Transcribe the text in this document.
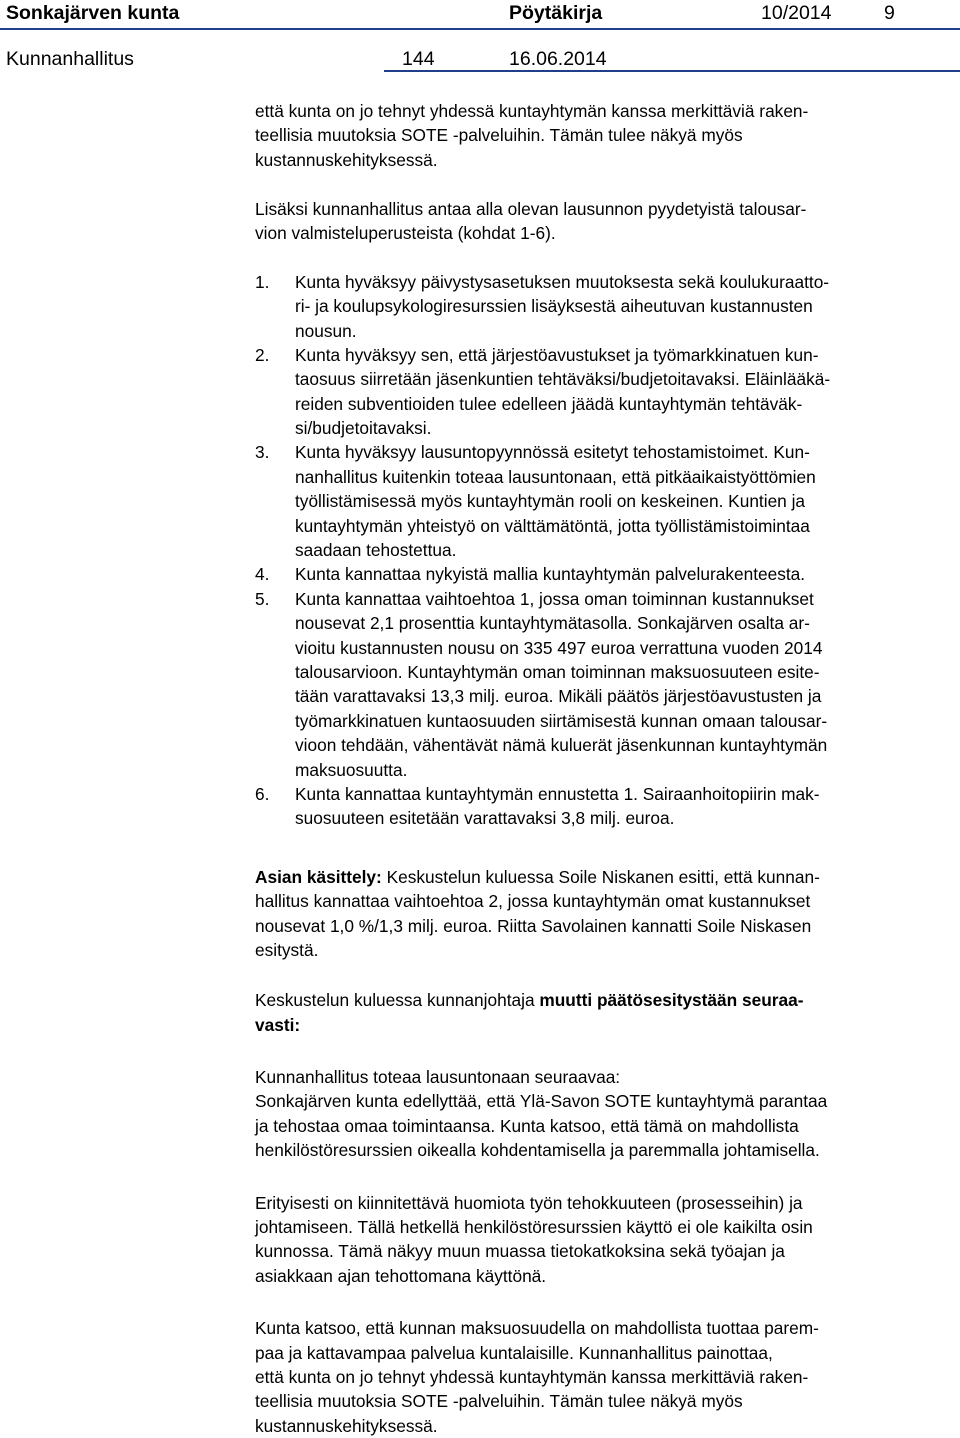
Sonkajärven kunta	Pöytäkirja	10/2014	9
Kunnanhallitus	144	16.06.2014
että kunta on jo tehnyt yhdessä kuntayhtymän kanssa merkittäviä raken-
teellisia muutoksia SOTE -palveluihin. Tämän tulee näkyä myös
kustannuskehityksessä.
Lisäksi kunnanhallitus antaa alla olevan lausunnon pyydetyistä talousar-
vion valmisteluperusteista (kohdat 1-6).
1.	Kunta hyväksyy päivystysasetuksen muutoksesta sekä koulukuraatto-
ri- ja koulupsykologiresurssien lisäyksestä aiheutuvan kustannusten
nousun.
2.	Kunta hyväksyy sen, että järjestöavustukset ja työmarkkinatuen kun-
taosuus siirretään jäsenkuntien tehtäväksi/budjetoitavaksi. Eläinlääkä-
reiden subventioiden tulee edelleen jäädä kuntayhtymän tehtäväk-
si/budjetoitavaksi.
3.	Kunta hyväksyy lausuntopyynnössä esitetyt tehostamistoimet. Kun-
nanhallitus kuitenkin toteaa lausuntonaan, että pitkäaikaistyöttömien
työllistämisessä myös kuntayhtymän rooli on keskeinen. Kuntien ja
kuntayhtymän yhteistyö on välttämätöntä, jotta työllistämistoimintaa
saadaan tehostettua.
4.	Kunta kannattaa nykyistä mallia kuntayhtymän palvelurakenteesta.
5.	Kunta kannattaa vaihtoehtoa 1, jossa oman toiminnan kustannukset
nousevat 2,1 prosenttia kuntayhtymätasolla. Sonkajärven osalta ar-
vioitu kustannusten nousu on 335 497 euroa verrattuna vuoden 2014
talousarvioon. Kuntayhtymän oman toiminnan maksuosuuteen esite-
tään varattavaksi 13,3 milj. euroa. Mikäli päätös järjestöavustusten ja
työmarkkinatuen kuntaosuuden siirtämisestä kunnan omaan talousar-
vioon tehdään, vähentävät nämä kuluerät jäsenkunnan kuntayhtymän
maksuosuutta.
6.	Kunta kannattaa kuntayhtymän ennustetta 1. Sairaanhoitopiirin mak-
suosuuteen esitetään varattavaksi 3,8 milj. euroa.
Asian käsittely: Keskustelun kuluessa Soile Niskanen esitti, että kunnan-
hallitus kannattaa vaihtoehtoa 2, jossa kuntayhtymän omat kustannukset
nousevat 1,0 %/1,3 milj. euroa. Riitta Savolainen kannatti Soile Niskasen
esitystä.
Keskustelun kuluessa kunnanjohtaja muutti päätösesitystään seuraa-
vasti:
Kunnanhallitus toteaa lausuntonaan seuraavaa:
Sonkajärven kunta edellyttää, että Ylä-Savon SOTE kuntayhtymä parantaa
ja tehostaa omaa toimintaansa. Kunta katsoo, että tämä on mahdollista
henkilöstöresurssien oikealla kohdentamisella ja paremmalla johtamisella.
Erityisesti on kiinnitettävä huomiota työn tehokkuuteen (prosesseihin) ja
johtamiseen. Tällä hetkellä henkilöstöresurssien käyttö ei ole kaikilta osin
kunnossa. Tämä näkyy muun muassa tietokatkoksina sekä työajan ja
asiakkaan ajan tehottomana käyttönä.
Kunta katsoo, että kunnan maksuosuudella on mahdollista tuottaa parem-
paa ja kattavampaa palvelua kuntalaisille. Kunnanhallitus painottaa,
että kunta on jo tehnyt yhdessä kuntayhtymän kanssa merkittäviä raken-
teellisia muutoksia SOTE -palveluihin. Tämän tulee näkyä myös
kustannuskehityksessä.
